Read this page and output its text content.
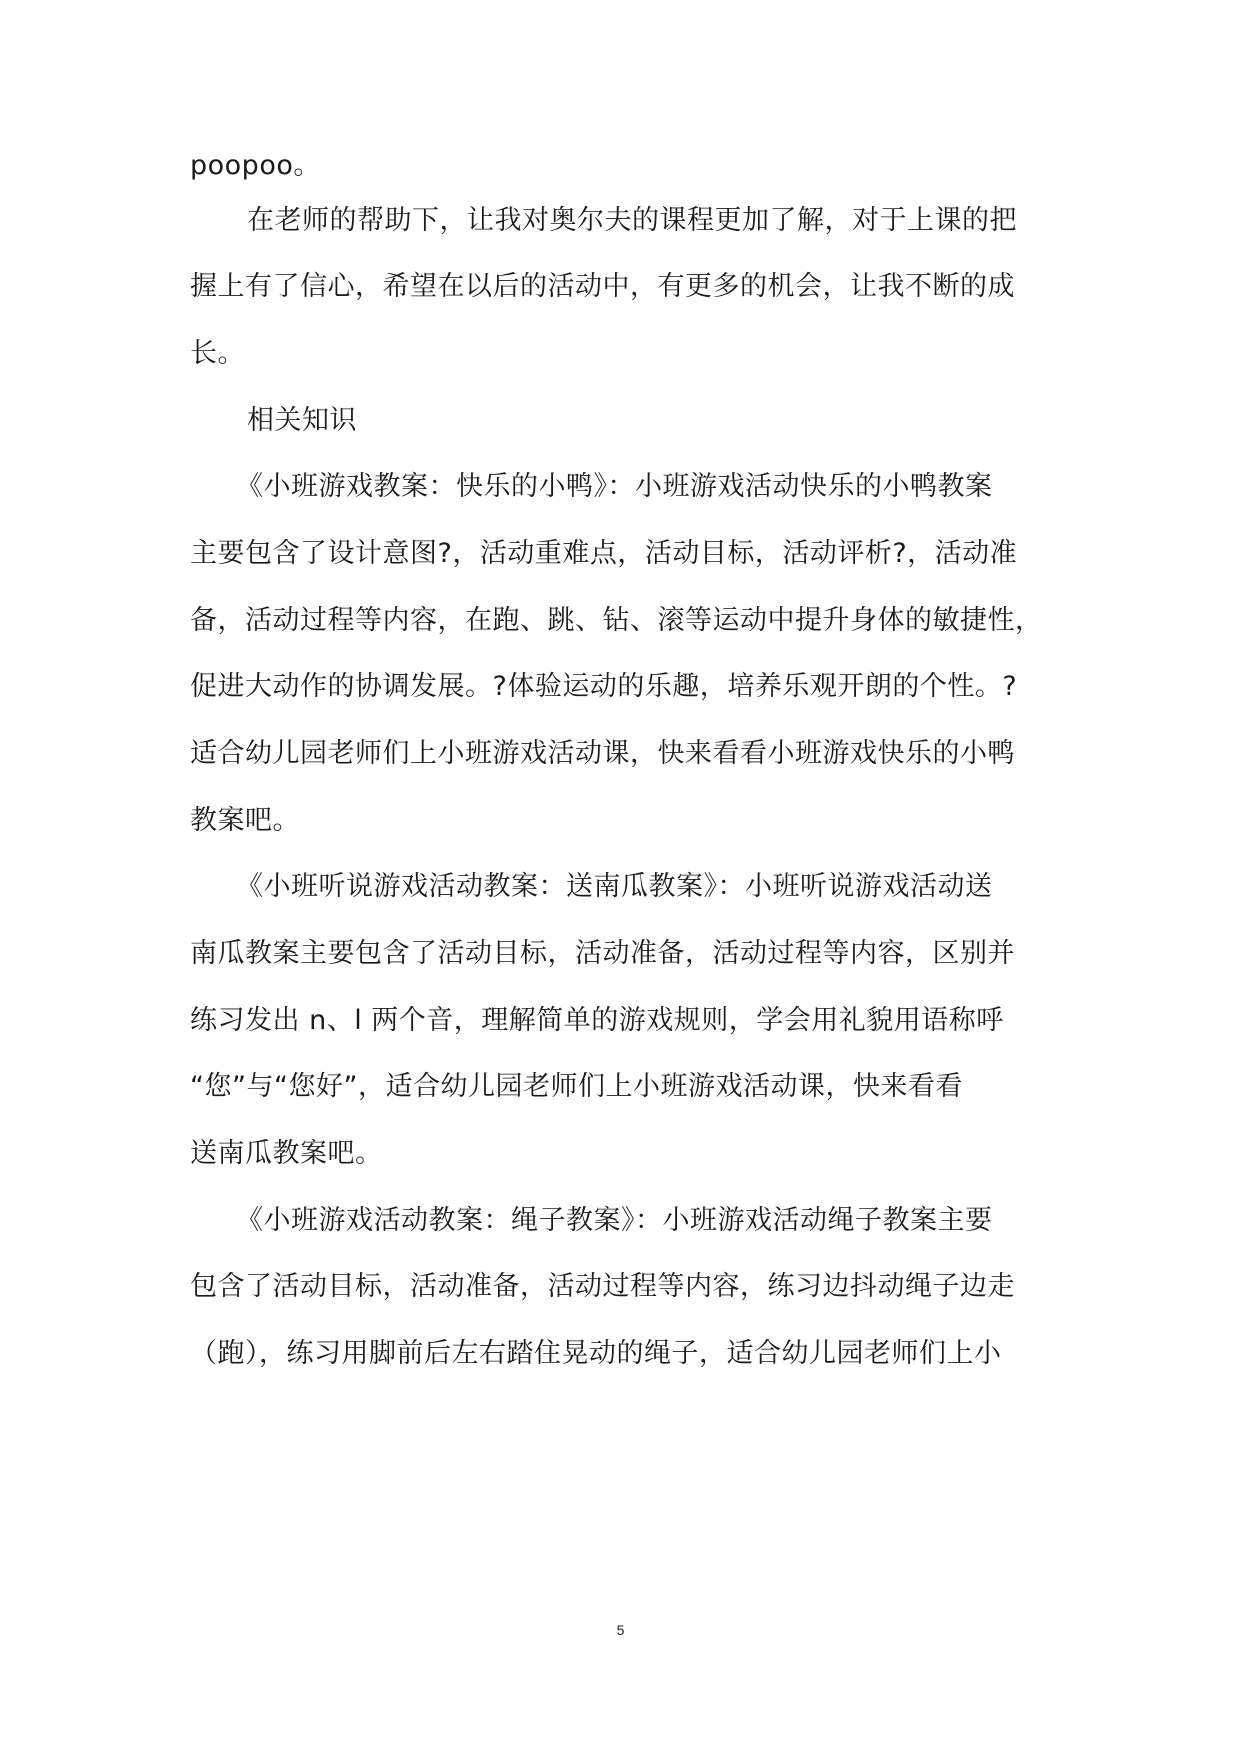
poopoo。
在老师的帮助下，让我对奥尔夫的课程更加了解，对于上课的把
握上有了信心，希望在以后的活动中，有更多的机会，让我不断的成
长。
相关知识
《小班游戏教案：快乐的小鸭》：小班游戏活动快乐的小鸭教案
主要包含了设计意图?，活动重难点，活动目标，活动评析?，活动准
备，活动过程等内容，在跑、跳、钻、滚等运动中提升身体的敏捷性，
促进大动作的协调发展。?体验运动的乐趣，培养乐观开朗的个性。?
适合幼儿园老师们上小班游戏活动课，快来看看小班游戏快乐的小鸭
教案吧。
《小班听说游戏活动教案：送南瓜教案》：小班听说游戏活动送
南瓜教案主要包含了活动目标，活动准备，活动过程等内容，区别并
练习发出 n、l 两个音，理解简单的游戏规则，学会用礼貌用语称呼
“您”与“您好”，适合幼儿园老师们上小班游戏活动课，快来看看
送南瓜教案吧。
《小班游戏活动教案：绳子教案》：小班游戏活动绳子教案主要
包含了活动目标，活动准备，活动过程等内容，练习边抖动绳子边走
（跑），练习用脚前后左右踏住晃动的绳子，适合幼儿园老师们上小
5
